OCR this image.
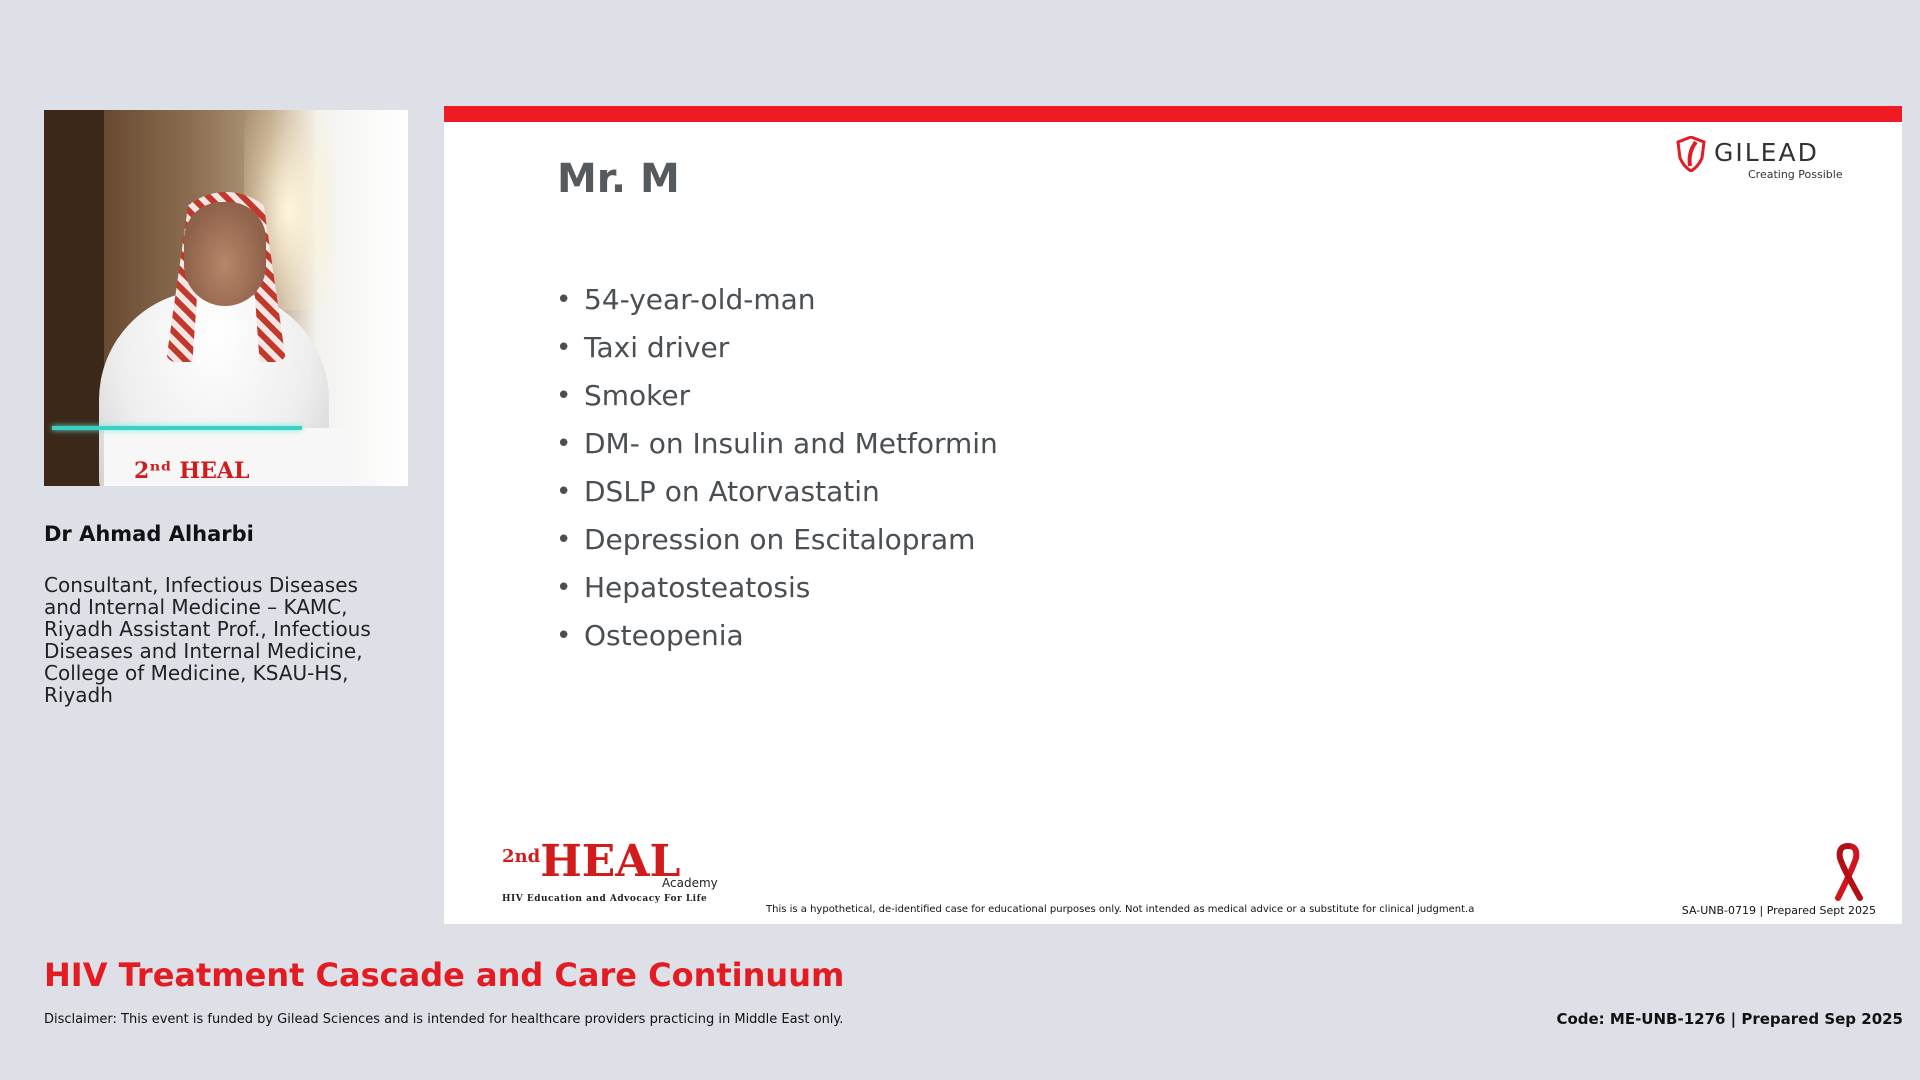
2ⁿᵈ HEAL
Dr Ahmad Alharbi
Consultant, Infectious Diseases and Internal Medicine – KAMC, Riyadh Assistant Prof., Infectious Diseases and Internal Medicine, College of Medicine, KSAU-HS, Riyadh
Mr. M
GILEAD
Creating Possible
• 54-year-old-man
• Taxi driver
• Smoker
• DM- on Insulin and Metformin
• DSLP on Atorvastatin
• Depression on Escitalopram
• Hepatosteatosis
• Osteopenia
2ndHEAL
Academy
HIV Education and Advocacy For Life
This is a hypothetical, de-identified case for educational purposes only. Not intended as medical advice or a substitute for clinical judgment.a	SA-UNB-0719 | Prepared Sept 2025
HIV Treatment Cascade and Care Continuum
Disclaimer: This event is funded by Gilead Sciences and is intended for healthcare providers practicing in Middle East only.	Code: ME-UNB-1276 | Prepared Sep 2025
